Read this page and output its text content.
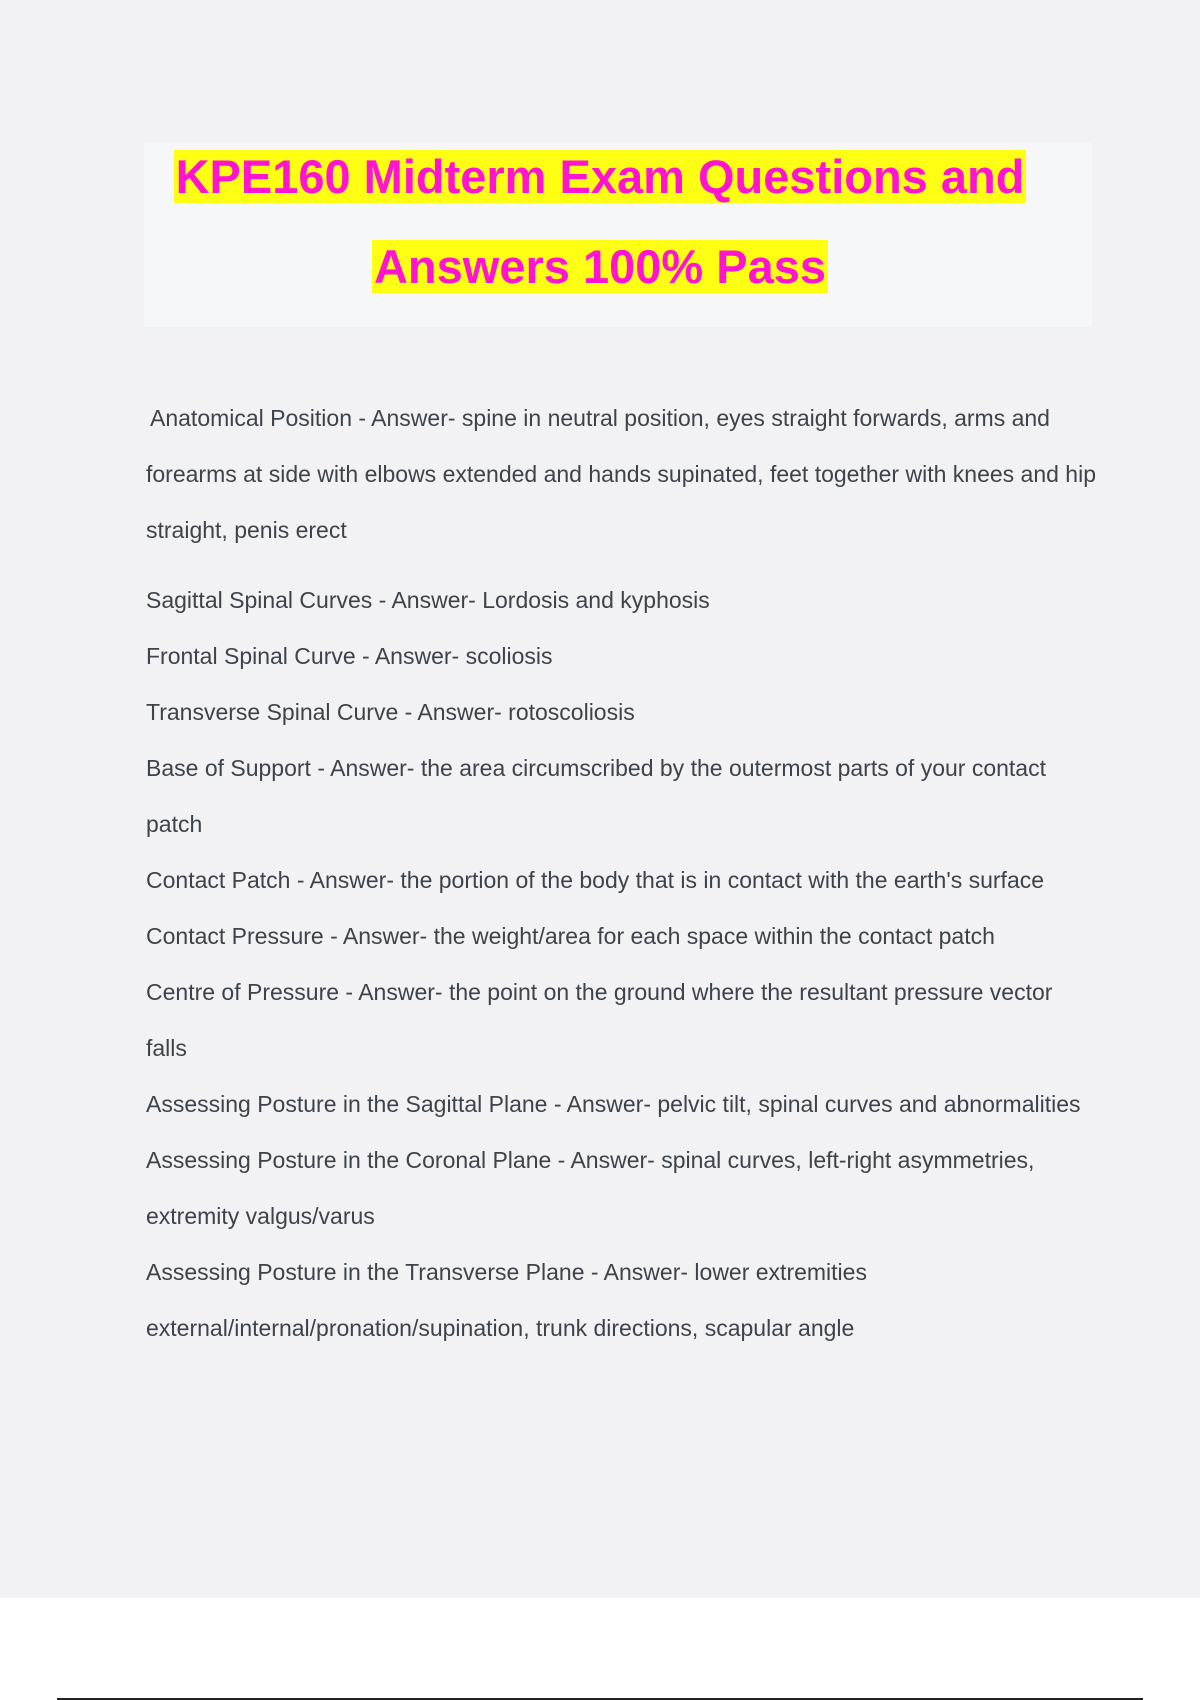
KPE160 Midterm Exam Questions and
Answers 100% Pass

Anatomical Position - Answer- spine in neutral position, eyes straight forwards, arms and forearms at side with elbows extended and hands supinated, feet together with knees and hip straight, penis erect

Sagittal Spinal Curves - Answer- Lordosis and kyphosis

Frontal Spinal Curve - Answer- scoliosis

Transverse Spinal Curve - Answer- rotoscoliosis

Base of Support - Answer- the area circumscribed by the outermost parts of your contact patch

Contact Patch - Answer- the portion of the body that is in contact with the earth's surface

Contact Pressure - Answer- the weight/area for each space within the contact patch

Centre of Pressure - Answer- the point on the ground where the resultant pressure vector falls

Assessing Posture in the Sagittal Plane - Answer- pelvic tilt, spinal curves and abnormalities

Assessing Posture in the Coronal Plane - Answer- spinal curves, left-right asymmetries, extremity valgus/varus

Assessing Posture in the Transverse Plane - Answer- lower extremities external/internal/pronation/supination, trunk directions, scapular angle
